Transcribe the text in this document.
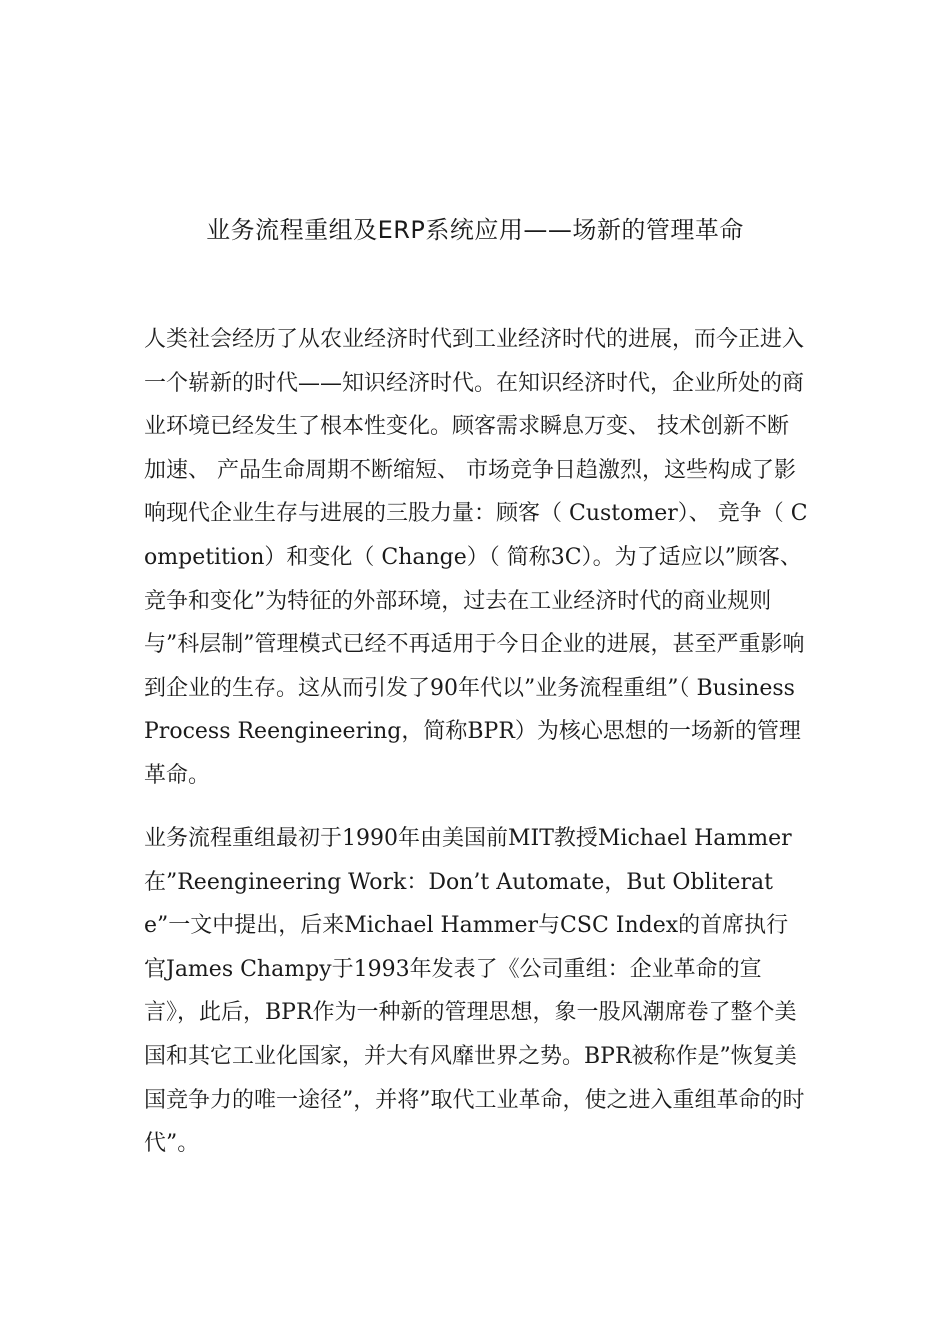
业务流程重组及ERP系统应用——场新的管理革命

人类社会经历了从农业经济时代到工业经济时代的进展，而今正进入一个崭新的时代——知识经济时代。在知识经济时代，企业所处的商业环境已经发生了根本性变化。顾客需求瞬息万变、 技术创新不断加速、 产品生命周期不断缩短、 市场竞争日趋激烈，这些构成了影响现代企业生存与进展的三股力量：顾客（ Customer）、 竞争（ Competition）和变化（ Change）（ 简称3C）。为了适应以”顾客、 竞争和变化”为特征的外部环境，过去在工业经济时代的商业规则与”科层制”管理模式已经不再适用于今日企业的进展，甚至严重影响到企业的生存。这从而引发了90年代以”业务流程重组”（ Business Process Reengineering，简称BPR）为核心思想的一场新的管理革命。

业务流程重组最初于1990年由美国前MIT教授Michael Hammer在”Reengineering Work：Don’t Automate，But Obliterate”一文中提出，后来Michael Hammer与CSC Index的首席执行官James Champy于1993年发表了《公司重组：企业革命的宣言》，此后，BPR作为一种新的管理思想，象一股风潮席卷了整个美国和其它工业化国家，并大有风靡世界之势。BPR被称作是”恢复美国竞争力的唯一途径”，并将”取代工业革命，使之进入重组革命的时代”。
